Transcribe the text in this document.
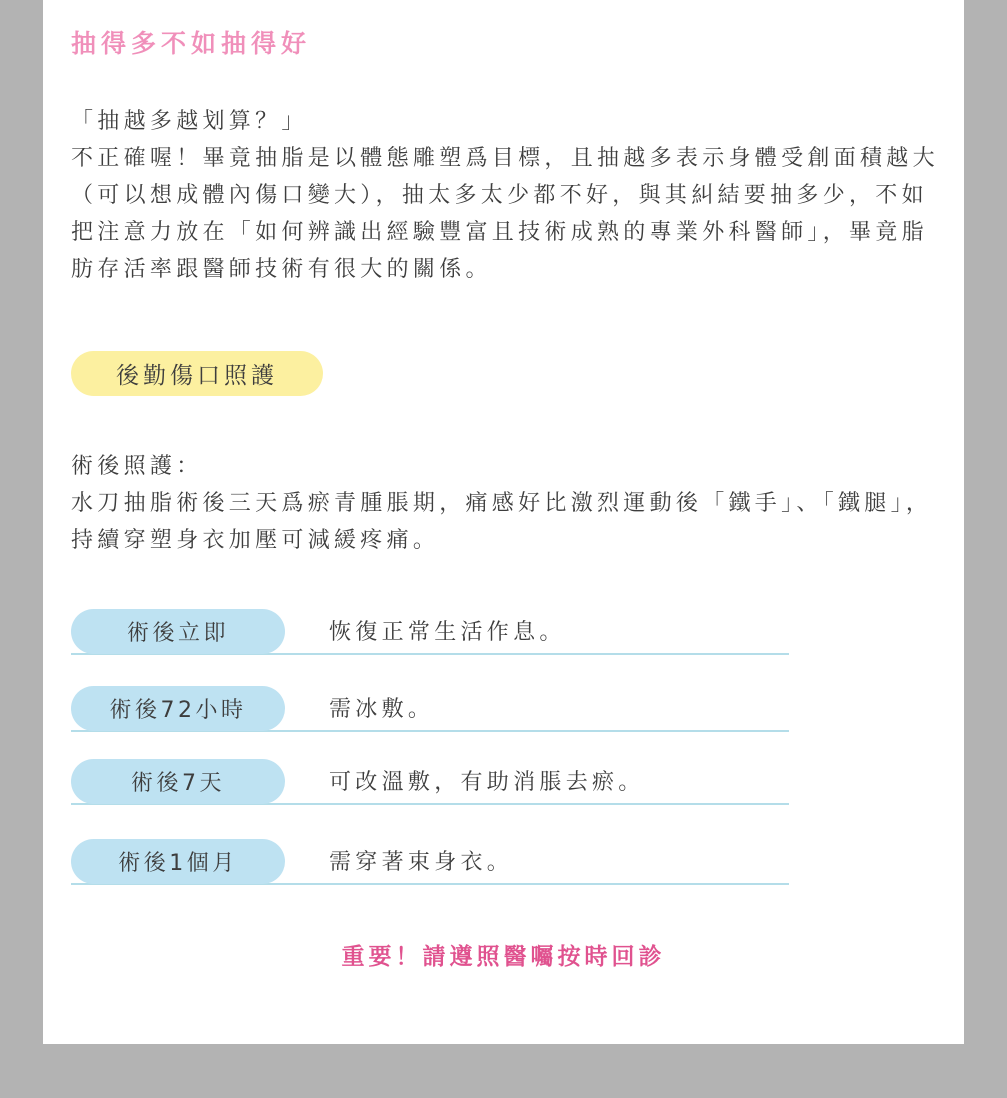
抽得多不如抽得好

「抽越多越划算？」

不正確喔！畢竟抽脂是以體態雕塑爲目標，且抽越多表示身體受創面積越大（可以想成體內傷口變大），抽太多太少都不好，與其糾結要抽多少，不如把注意力放在「如何辨識出經驗豐富且技術成熟的專業外科醫師」，畢竟脂肪存活率跟醫師技術有很大的關係。

後勤傷口照護

術後照護：

水刀抽脂術後三天爲瘀青腫脹期，痛感好比激烈運動後「鐵手」、「鐵腿」，持續穿塑身衣加壓可減緩疼痛。

術後立即	恢復正常生活作息。
術後72小時	需冰敷。
術後7天	可改溫敷，有助消脹去瘀。
術後1個月	需穿著束身衣。
重要！請遵照醫囑按時回診
